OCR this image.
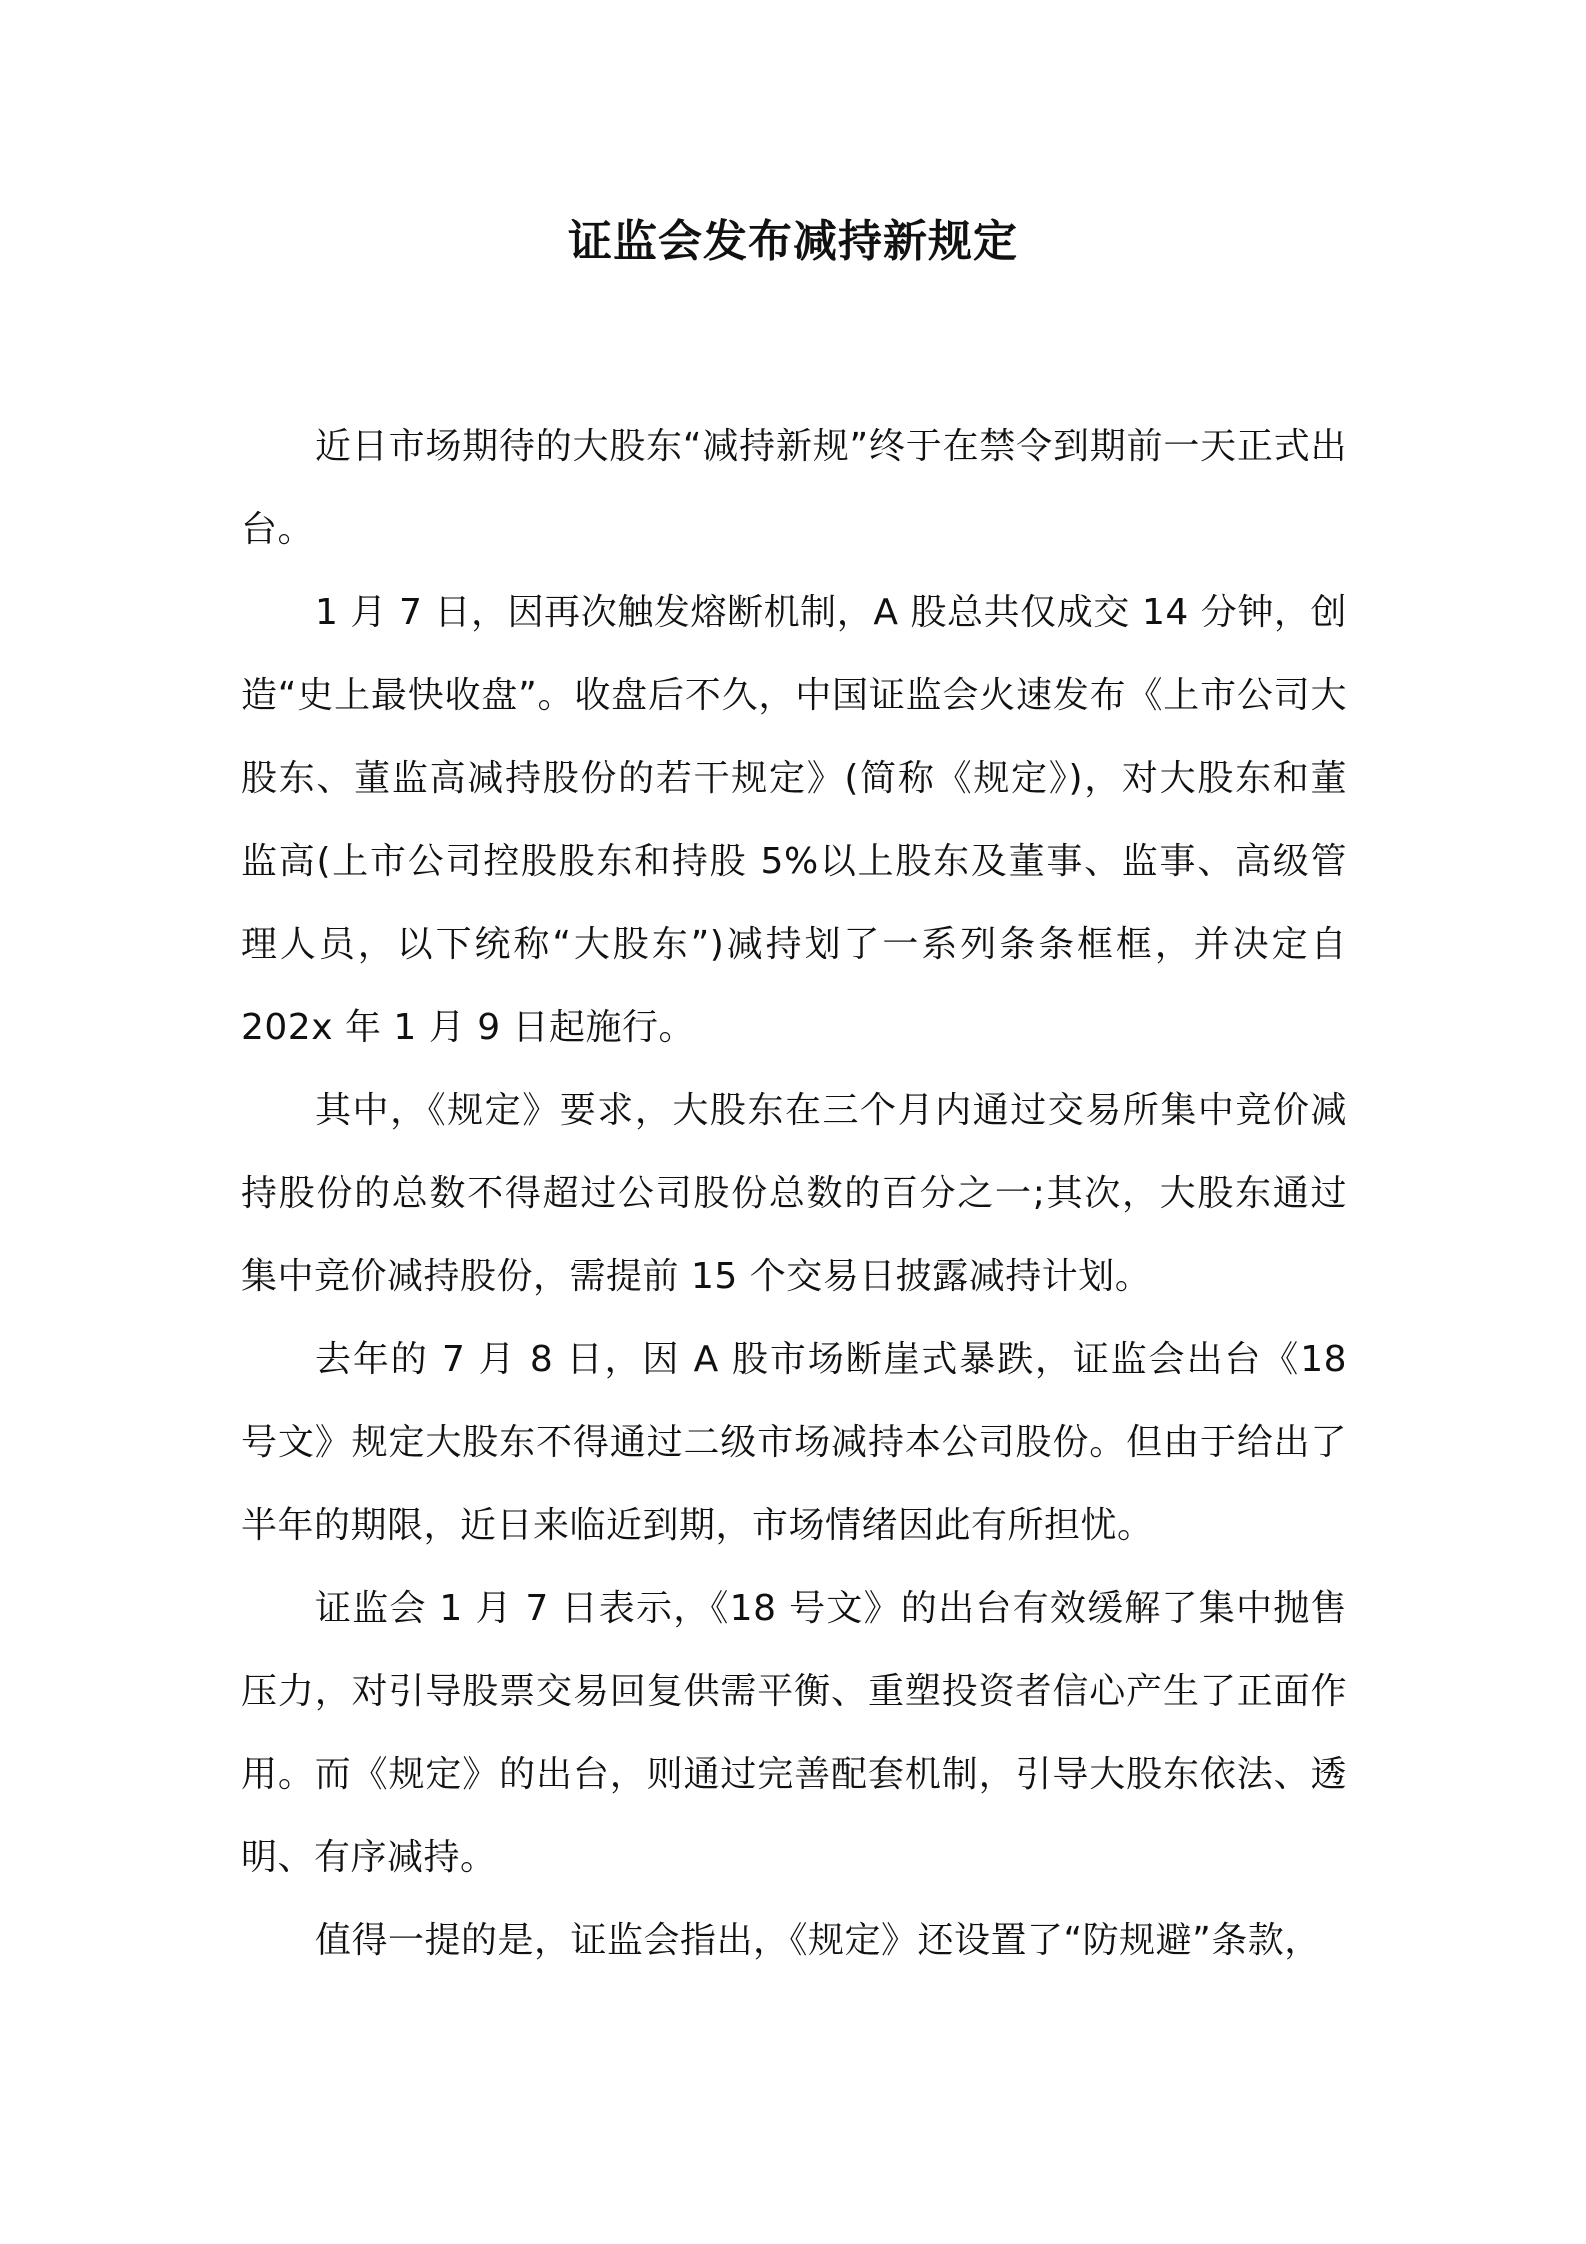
证监会发布减持新规定

近日市场期待的大股东“减持新规”终于在禁令到期前一天正式出台。

1 月 7 日，因再次触发熔断机制，A 股总共仅成交 14 分钟，创造“史上最快收盘”。收盘后不久，中国证监会火速发布《上市公司大股东、董监高减持股份的若干规定》(简称《规定》)，对大股东和董监高(上市公司控股股东和持股 5%以上股东及董事、监事、高级管理人员，以下统称“大股东”)减持划了一系列条条框框，并决定自 202x 年 1 月 9 日起施行。

其中，《规定》要求，大股东在三个月内通过交易所集中竞价减持股份的总数不得超过公司股份总数的百分之一;其次，大股东通过集中竞价减持股份，需提前 15 个交易日披露减持计划。

去年的 7 月 8 日，因 A 股市场断崖式暴跌，证监会出台《18 号文》规定大股东不得通过二级市场减持本公司股份。但由于给出了半年的期限，近日来临近到期，市场情绪因此有所担忧。

证监会 1 月 7 日表示，《18 号文》的出台有效缓解了集中抛售压力，对引导股票交易回复供需平衡、重塑投资者信心产生了正面作用。而《规定》的出台，则通过完善配套机制，引导大股东依法、透明、有序减持。

值得一提的是，证监会指出，《规定》还设置了“防规避”条款，
